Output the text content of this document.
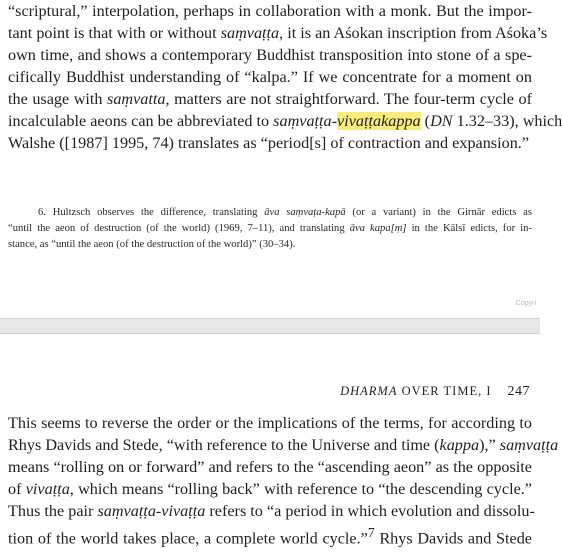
“scriptural,” interpolation, perhaps in collaboration with a monk. But the impor-
tant point is that with or without saṃvaṭṭa, it is an Aśokan inscription from Aśoka’s
own time, and shows a contemporary Buddhist transposition into stone of a spe-
cifically Buddhist understanding of “kalpa.” If we concentrate for a moment on
the usage with saṃvatta, matters are not straightforward. The four-term cycle of
incalculable aeons can be abbreviated to saṃvaṭṭa-vivaṭṭakappa (DN 1.32–33), which
Walshe ([1987] 1995, 74) translates as “period[s] of contraction and expansion.”

6. Hultzsch observes the difference, translating āva saṃvaṭa-kapā (or a variant) in the Girnār edicts as
“until the aeon of destruction (of the world) (1969, 7–11), and translating āva kapa[ṃ] in the Kālsī edicts, for in-
stance, as “until the aeon (of the destruction of the world)” (30–34).

Copyri
DHARMA OVER TIME, I 247

This seems to reverse the order or the implications of the terms, for according to
Rhys Davids and Stede, “with reference to the Universe and time (kappa),” saṃvaṭṭa
means “rolling on or forward” and refers to the “ascending aeon” as the opposite
of vivaṭṭa, which means “rolling back” with reference to “the descending cycle.”
Thus the pair saṃvaṭṭa-vivaṭṭa refers to “a period in which evolution and dissolu-
tion of the world takes place, a complete world cycle.”$^7$ Rhys Davids and Stede
